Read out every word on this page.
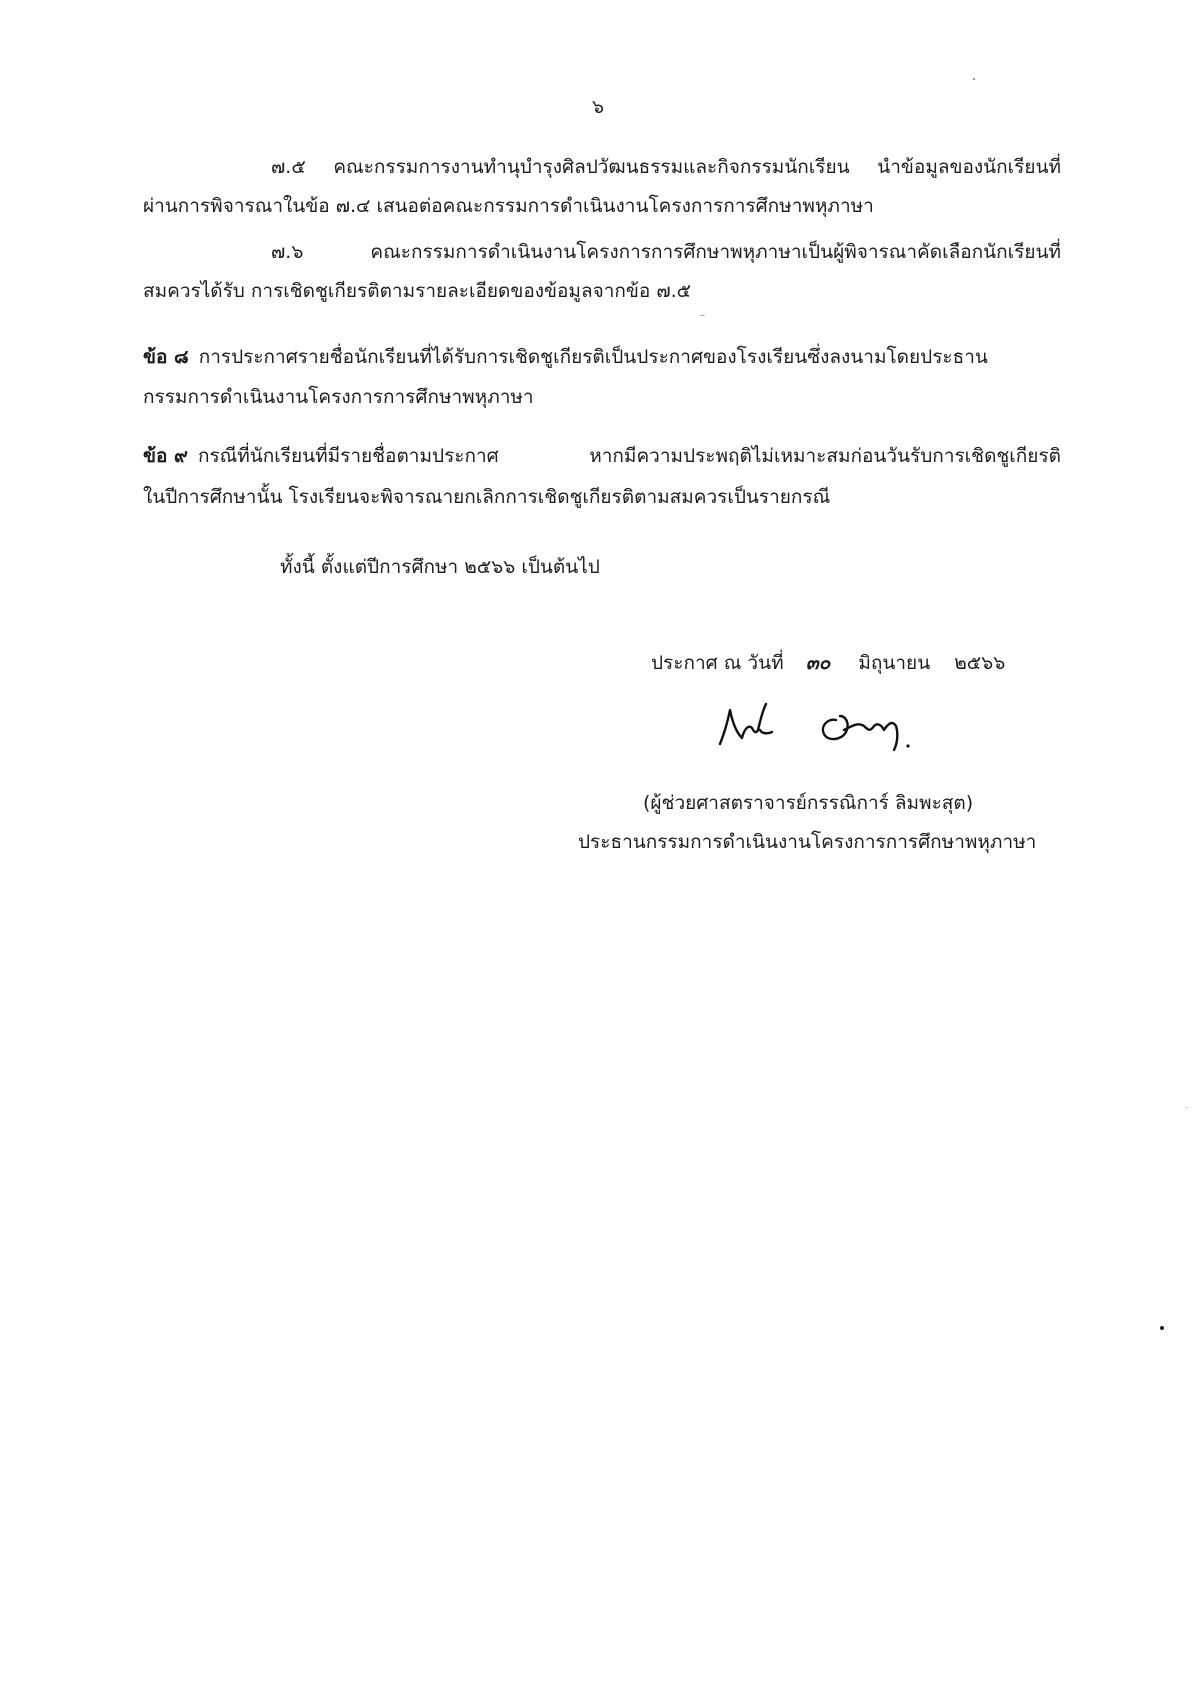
๖
๗.๕ คณะกรรมการงานทำนุบำรุงศิลปวัฒนธรรมและกิจกรรมนักเรียน นำข้อมูลของนักเรียนที่
ผ่านการพิจารณาในข้อ ๗.๔ เสนอต่อคณะกรรมการดำเนินงานโครงการการศึกษาพหุภาษา
๗.๖ คณะกรรมการดำเนินงานโครงการการศึกษาพหุภาษาเป็นผู้พิจารณาคัดเลือกนักเรียนที่
สมควรได้รับ การเชิดชูเกียรติตามรายละเอียดของข้อมูลจากข้อ ๗.๕
ข้อ ๘ การประกาศรายชื่อนักเรียนที่ได้รับการเชิดชูเกียรติเป็นประกาศของโรงเรียนซึ่งลงนามโดยประธาน
กรรมการดำเนินงานโครงการการศึกษาพหุภาษา
ข้อ ๙ กรณีที่นักเรียนที่มีรายชื่อตามประกาศ หากมีความประพฤติไม่เหมาะสมก่อนวันรับการเชิดชูเกียรติ
ในปีการศึกษานั้น โรงเรียนจะพิจารณายกเลิกการเชิดชูเกียรติตามสมควรเป็นรายกรณี
ทั้งนี้ ตั้งแต่ปีการศึกษา ๒๕๖๖ เป็นต้นไป
ประกาศ ณ วันที่ ๓๐ มิถุนายน ๒๕๖๖
(ผู้ช่วยศาสตราจารย์กรรณิการ์ ลิมพะสุต)
ประธานกรรมการดำเนินงานโครงการการศึกษาพหุภาษา
